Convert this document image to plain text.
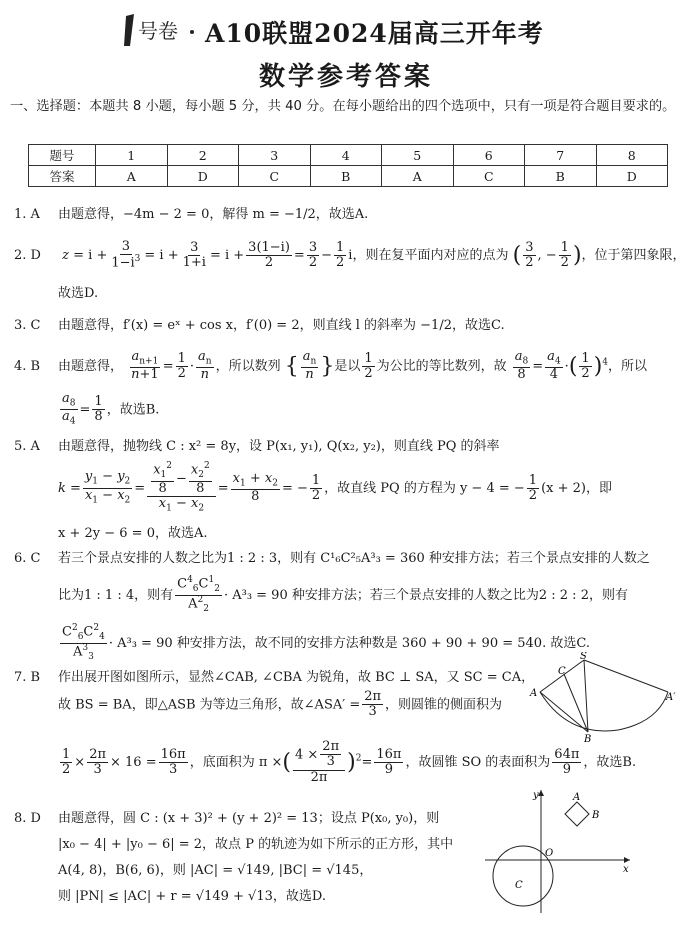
号卷 A10联盟2024届高三开年考
数学参考答案
一、选择题：本题共 8 小题，每小题 5 分，共 40 分。在每小题给出的四个选项中，只有一项是符合题目要求的。
题号	1	2	3	4	5	6	7	8
答案	A	D	C	B	A	C	B	D
1. A 由题意得，−4m − 2 = 0，解得 m = −1/2，故选A.
2. D $z = i + \frac{3}{1-i^3} = i + \frac{3}{1+i} = i + \frac{3(1-i)}{2} = \frac{3}{2} - \frac{1}{2}$ i，则在复平面内对应的点为 ( $\frac{3}{2}$ , − $\frac{1}{2}$ )，位于第四象限，
故选D.
3. C 由题意得，f′(x) = eˣ + cos x，f′(0) = 2，则直线 l 的斜率为 −1/2，故选C.
4. B 由题意得， $\frac{a_{n+1}}{n+1} = \frac{1}{2} \cdot \frac{a_n}{n}$ ，所以数列 { $\frac{a_n}{n}$ }是以 $\frac{1}{2}$ 为公比的等比数列，故 $\frac{a_8}{8} = \frac{a_4}{4}$ ·( $\frac{1}{2} )^4$，所以
$\frac{a_8}{a_4} = \frac{1}{8}$ ，故选B.
5. A 由题意得，抛物线 C : x² = 8y，设 P(x₁, y₁), Q(x₂, y₂)，则直线 PQ 的斜率
$k = \frac{y_1 - y_2}{x_1 - x_2} = \frac{\frac{x_1^2}{8} - \frac{x_2^2}{8}}{x_1 - x_2} = \frac{x_1 + x_2}{8}$ = − $\frac{1}{2}$ ，故直线 PQ 的方程为 y − 4 = − $\frac{1}{2} (x + 2)$，即
x + 2y − 6 = 0，故选A.
6. C 若三个景点安排的人数之比为1 : 2 : 3，则有 C¹₆C²₅A³₃ = 360 种安排方法；若三个景点安排的人数之
比为1 : 1 : 4，则有 $\frac{C^4_6C^1_2}{A^2_2} \cdot A^3_3 = 90$ 种安排方法；若三个景点安排的人数之比为2 : 2 : 2，则有
$\frac{C^2_6C^2_4}{A^3_3} \cdot A^3_3 = 90$ 种安排方法，故不同的安排方法种数是 360 + 90 + 90 = 540. 故选C.
7. B 作出展开图如图所示，显然∠CAB, ∠CBA 为锐角，故 BC ⊥ SA，又 SC = CA，
故 BS = BA，即△ASB 为等边三角形，故∠ASA′ = $\frac{2\pi}{3}$ ，则圆锥的侧面积为
$\frac{1}{2} \times \frac{2\pi}{3} \times 16 = \frac{16\pi}{3}$ ，底面积为 π ×( $\frac{4 \times \frac{2\pi}{3}}{2\pi} )^2= \frac{16\pi}{9}$ ，故圆锥 SO 的表面积为 $\frac{64\pi}{9}$ ，故选B.
S
C
A	A′
B
8. D 由题意得，圆 C : (x + 3)² + (y + 2)² = 13；设点 P(x₀, y₀)，则
|x₀ − 4| + |y₀ − 6| = 2，故点 P 的轨迹为如下所示的正方形，其中
A(4, 8)，B(6, 6)，则 |AC| = √149, |BC| = √145，
则 |PN| ≤ |AC| + r = √149 + √13，故选D.
y	A
B
O
x
C
